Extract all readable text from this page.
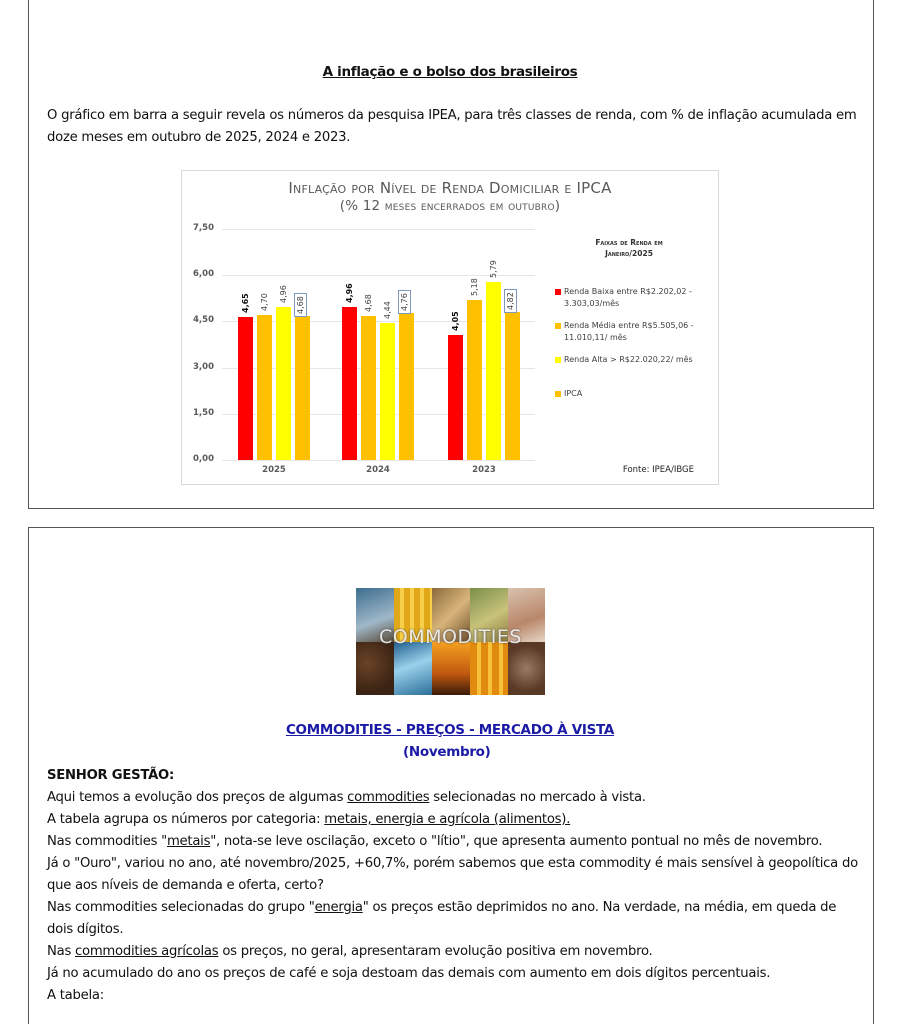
A inflação e o bolso dos brasileiros
O gráfico em barra a seguir revela os números da pesquisa IPEA, para três classes de renda, com % de inflação acumulada em doze meses em outubro de 2025, 2024 e 2023.
Inflação por Nível de Renda Domiciliar e IPCA
(% 12 meses encerrados em outubro)
Faixas de Renda em
Janeiro/2025
Renda Baixa entre R$2.202,02 - 3.303,03/mês
Renda Média entre R$5.505,06 - 11.010,11/ mês
Renda Alta > R$22.020,22/ mês
IPCA
Fonte: IPEA/IBGE
0,00
1,50
3,00
4,50
6,00
7,50
4,65 4,70 4,96
4,68
2025
4,96 4,68 4,44 4,76
2024
4,05
5,18
5,79
4,82
2023
COMMODITIES
COMMODITIES - PREÇOS - MERCADO À VISTA
(Novembro)

SENHOR GESTÃO:

Aqui temos a evolução dos preços de algumas commodities selecionadas no mercado à vista.

A tabela agrupa os números por categoria: metais, energia e agrícola (alimentos).

Nas commodities "metais", nota-se leve oscilação, exceto o "lítio", que apresenta aumento pontual no mês de novembro.

Já o "Ouro", variou no ano, até novembro/2025, +60,7%, porém sabemos que esta commodity é mais sensível à geopolítica do que aos níveis de demanda e oferta, certo?

Nas commodities selecionadas do grupo "energia" os preços estão deprimidos no ano. Na verdade, na média, em queda de dois dígitos.

Nas commodities agrícolas os preços, no geral, apresentaram evolução positiva em novembro.

Já no acumulado do ano os preços de café e soja destoam das demais com aumento em dois dígitos percentuais.

A tabela:
